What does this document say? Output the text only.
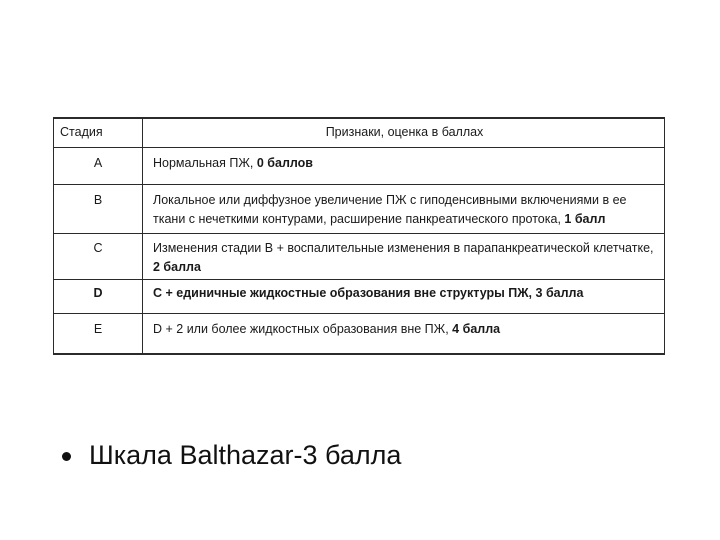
Стадия	Признаки, оценка в баллах
A	Нормальная ПЖ, 0 баллов
B	Локальное или диффузное увеличение ПЖ с гиподенсивными включениями в ее ткани с нечеткими контурами, расширение панкреатического протока, 1 балл
C	Изменения стадии B + воспалительные изменения в парапанкреатической клетчатке, 2 балла
D	C + единичные жидкостные образования вне структуры ПЖ, 3 балла
E	D + 2 или более жидкостных образования вне ПЖ, 4 балла
Шкала Balthazar-3 балла
